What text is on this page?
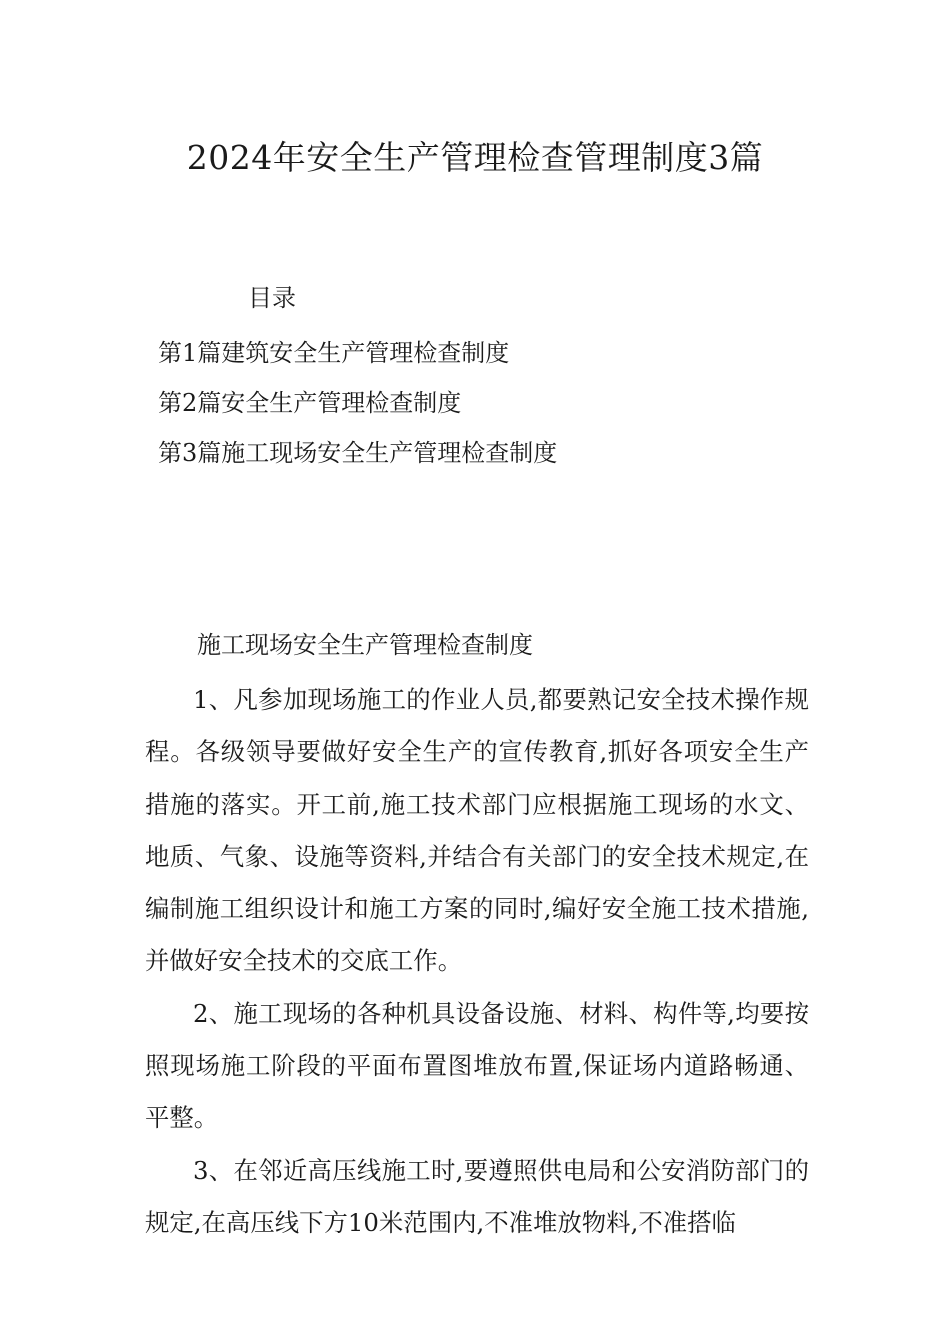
2024年安全生产管理检查管理制度3篇
目录
第1篇建筑安全生产管理检查制度
第2篇安全生产管理检查制度
第3篇施工现场安全生产管理检查制度
施工现场安全生产管理检查制度

1、凡参加现场施工的作业人员,都要熟记安全技术操作规程。各级领导要做好安全生产的宣传教育,抓好各项安全生产措施的落实。开工前,施工技术部门应根据施工现场的水文、地质、气象、设施等资料,并结合有关部门的安全技术规定,在编制施工组织设计和施工方案的同时,编好安全施工技术措施,并做好安全技术的交底工作。

2、施工现场的各种机具设备设施、材料、构件等,均要按照现场施工阶段的平面布置图堆放布置,保证场内道路畅通、平整。

3、在邻近高压线施工时,要遵照供电局和公安消防部门的规定,在高压线下方10米范围内,不准堆放物料,不准搭临
